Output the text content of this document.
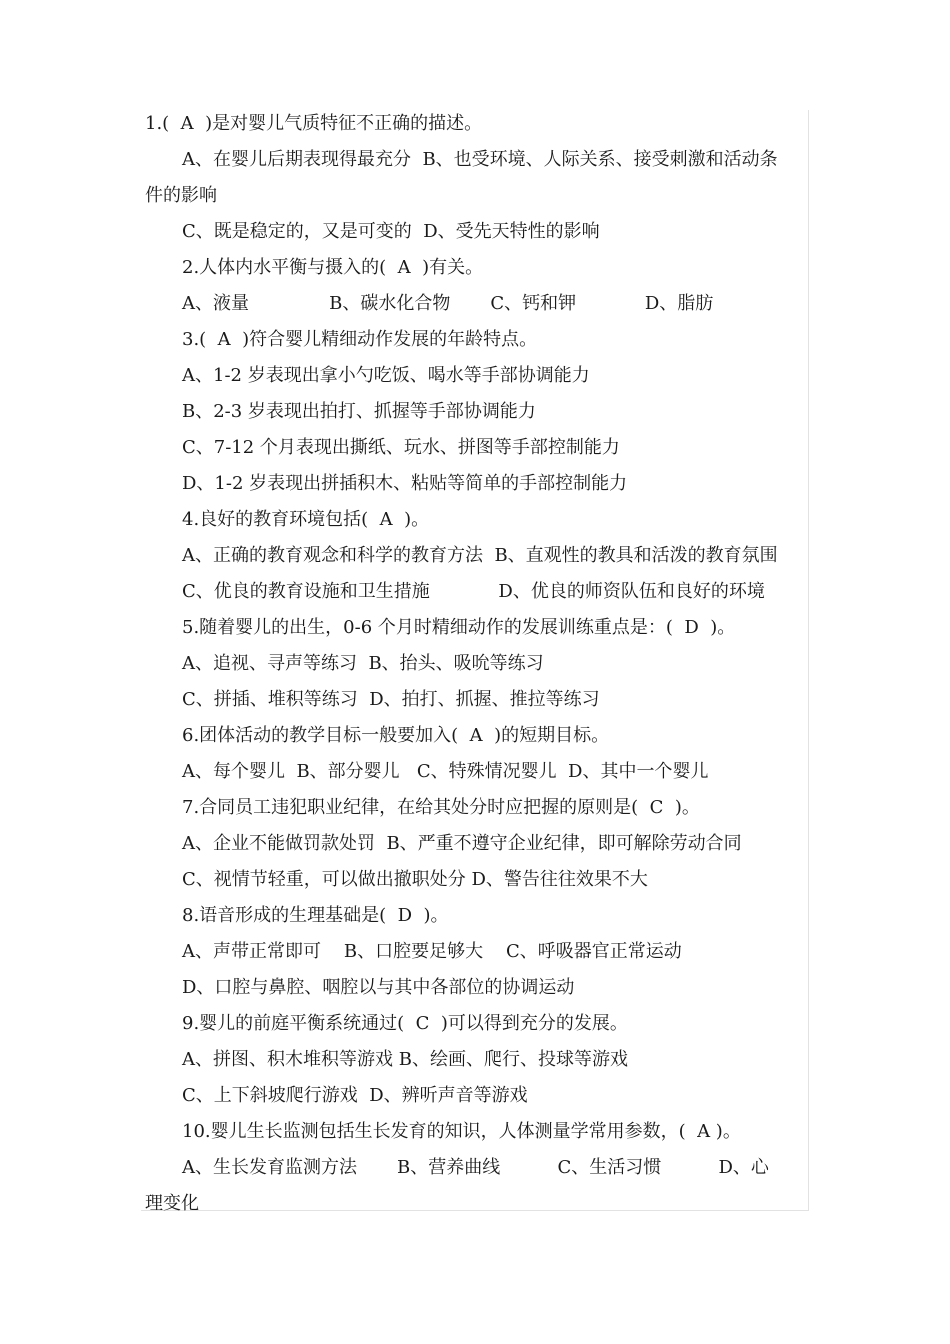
1.(  A  )是对婴儿气质特征不正确的描述。
A、在婴儿后期表现得最充分  B、也受环境、人际关系、接受刺激和活动条
件的影响
C、既是稳定的，又是可变的  D、受先天特性的影响
2.人体内水平衡与摄入的(  A  )有关。
A、液量              B、碳水化合物       C、钙和钾            D、脂肪
3.(  A  )符合婴儿精细动作发展的年龄特点。
A、1-2 岁表现出拿小勺吃饭、喝水等手部协调能力
B、2-3 岁表现出拍打、抓握等手部协调能力
C、7-12 个月表现出撕纸、玩水、拼图等手部控制能力
D、1-2 岁表现出拼插积木、粘贴等简单的手部控制能力
4.良好的教育环境包括(  A  )。
A、正确的教育观念和科学的教育方法  B、直观性的教具和活泼的教育氛围
C、优良的教育设施和卫生措施            D、优良的师资队伍和良好的环境
5.随着婴儿的出生，0-6 个月时精细动作的发展训练重点是：(  D  )。
A、追视、寻声等练习  B、抬头、吸吮等练习
C、拼插、堆积等练习  D、拍打、抓握、推拉等练习
6.团体活动的教学目标一般要加入(  A  )的短期目标。
A、每个婴儿  B、部分婴儿   C、特殊情况婴儿  D、其中一个婴儿
7.合同员工违犯职业纪律，在给其处分时应把握的原则是(  C  )。
A、企业不能做罚款处罚  B、严重不遵守企业纪律，即可解除劳动合同
C、视情节轻重，可以做出撤职处分 D、警告往往效果不大
8.语音形成的生理基础是(  D  )。
A、声带正常即可    B、口腔要足够大    C、呼吸器官正常运动
D、口腔与鼻腔、咽腔以与其中各部位的协调运动
9.婴儿的前庭平衡系统通过(  C  )可以得到充分的发展。
A、拼图、积木堆积等游戏 B、绘画、爬行、投球等游戏
C、上下斜坡爬行游戏  D、辨听声音等游戏
10.婴儿生长监测包括生长发育的知识，人体测量学常用参数，(  A )。
A、生长发育监测方法       B、营养曲线          C、生活习惯          D、心
理变化
